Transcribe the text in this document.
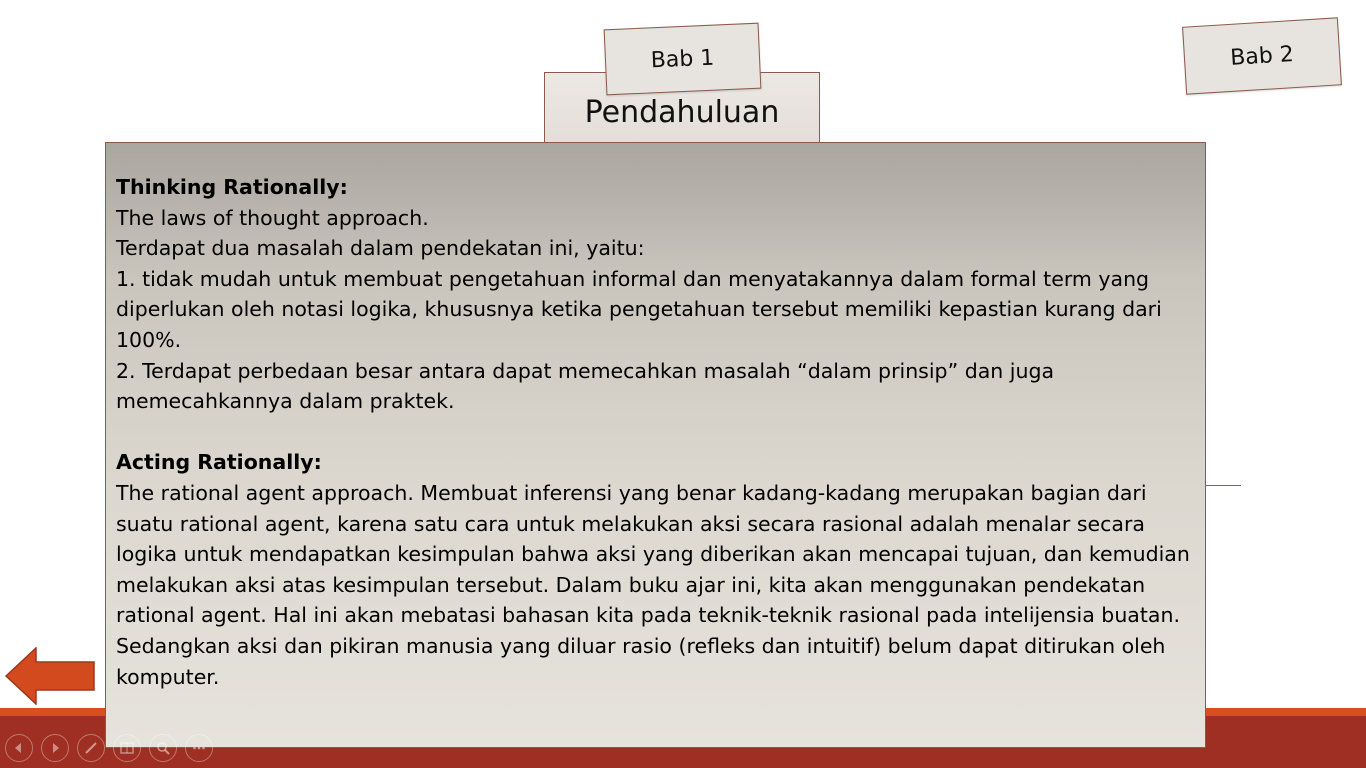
Pendahuluan
Bab 1	Bab 2

Thinking Rationally:

The laws of thought approach.

Terdapat dua masalah dalam pendekatan ini, yaitu:

1. tidak mudah untuk membuat pengetahuan informal dan menyatakannya dalam formal term yang

diperlukan oleh notasi logika, khususnya ketika pengetahuan tersebut memiliki kepastian kurang dari

100%.

2. Terdapat perbedaan besar antara dapat memecahkan masalah “dalam prinsip” dan juga

memecahkannya dalam praktek.

Acting Rationally:

The rational agent approach. Membuat inferensi yang benar kadang-kadang merupakan bagian dari

suatu rational agent, karena satu cara untuk melakukan aksi secara rasional adalah menalar secara

logika untuk mendapatkan kesimpulan bahwa aksi yang diberikan akan mencapai tujuan, dan kemudian

melakukan aksi atas kesimpulan tersebut. Dalam buku ajar ini, kita akan menggunakan pendekatan

rational agent. Hal ini akan mebatasi bahasan kita pada teknik-teknik rasional pada intelijensia buatan.

Sedangkan aksi dan pikiran manusia yang diluar rasio (refleks dan intuitif) belum dapat ditirukan oleh

komputer.
